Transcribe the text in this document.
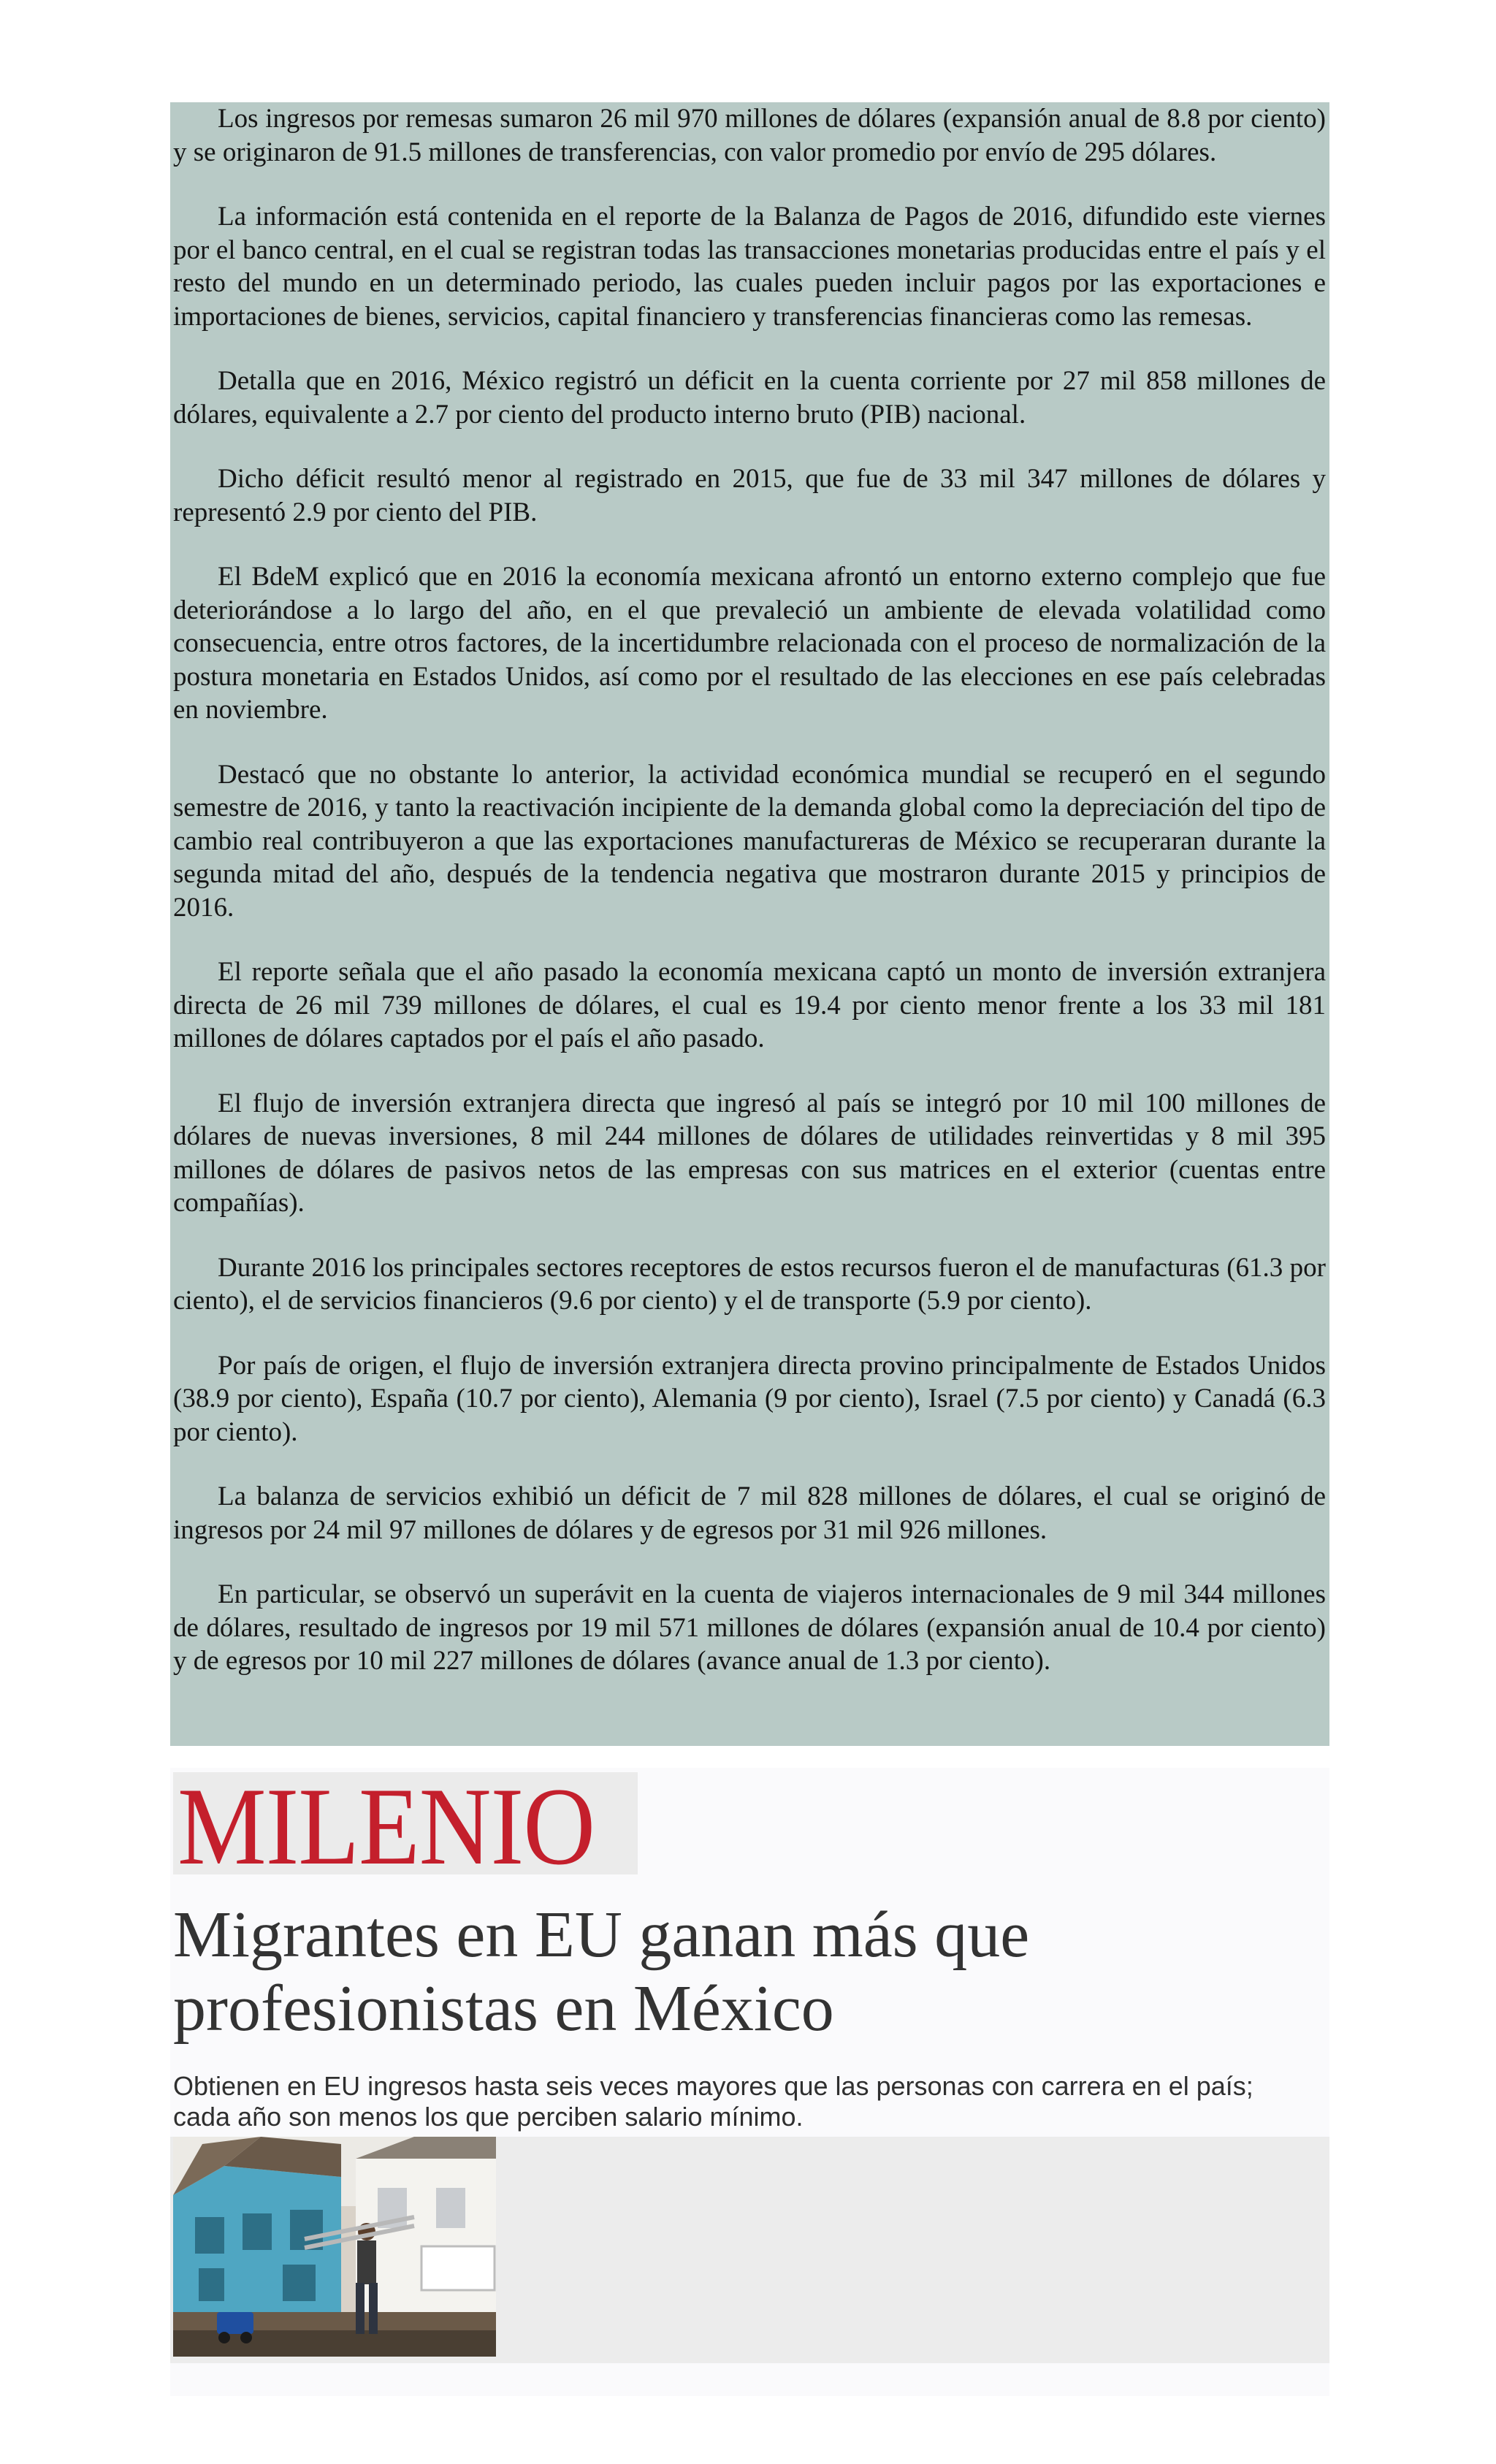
Los ingresos por remesas sumaron 26 mil 970 millones de dólares (expansión anual de 8.8 por ciento) y se originaron de 91.5 millones de transferencias, con valor promedio por envío de 295 dólares.

La información está contenida en el reporte de la Balanza de Pagos de 2016, difundido este viernes por el banco central, en el cual se registran todas las transacciones monetarias producidas entre el país y el resto del mundo en un determinado periodo, las cuales pueden incluir pagos por las exportaciones e importaciones de bienes, servicios, capital financiero y transferencias financieras como las remesas.

Detalla que en 2016, México registró un déficit en la cuenta corriente por 27 mil 858 millones de dólares, equivalente a 2.7 por ciento del producto interno bruto (PIB) nacional.

Dicho déficit resultó menor al registrado en 2015, que fue de 33 mil 347 millones de dólares y representó 2.9 por ciento del PIB.

El BdeM explicó que en 2016 la economía mexicana afrontó un entorno externo complejo que fue deteriorándose a lo largo del año, en el que prevaleció un ambiente de elevada volatilidad como consecuencia, entre otros factores, de la incertidumbre relacionada con el proceso de normalización de la postura monetaria en Estados Unidos, así como por el resultado de las elecciones en ese país celebradas en noviembre.

Destacó que no obstante lo anterior, la actividad económica mundial se recuperó en el segundo semestre de 2016, y tanto la reactivación incipiente de la demanda global como la depreciación del tipo de cambio real contribuyeron a que las exportaciones manufactureras de México se recuperaran durante la segunda mitad del año, después de la tendencia negativa que mostraron durante 2015 y principios de 2016.

El reporte señala que el año pasado la economía mexicana captó un monto de inversión extranjera directa de 26 mil 739 millones de dólares, el cual es 19.4 por ciento menor frente a los 33 mil 181 millones de dólares captados por el país el año pasado.

El flujo de inversión extranjera directa que ingresó al país se integró por 10 mil 100 millones de dólares de nuevas inversiones, 8 mil 244 millones de dólares de utilidades reinvertidas y 8 mil 395 millones de dólares de pasivos netos de las empresas con sus matrices en el exterior (cuentas entre compañías).

Durante 2016 los principales sectores receptores de estos recursos fueron el de manufacturas (61.3 por ciento), el de servicios financieros (9.6 por ciento) y el de transporte (5.9 por ciento).

Por país de origen, el flujo de inversión extranjera directa provino principalmente de Estados Unidos (38.9 por ciento), España (10.7 por ciento), Alemania (9 por ciento), Israel (7.5 por ciento) y Canadá (6.3 por ciento).

La balanza de servicios exhibió un déficit de 7 mil 828 millones de dólares, el cual se originó de ingresos por 24 mil 97 millones de dólares y de egresos por 31 mil 926 millones.

En particular, se observó un superávit en la cuenta de viajeros internacionales de 9 mil 344 millones de dólares, resultado de ingresos por 19 mil 571 millones de dólares (expansión anual de 10.4 por ciento) y de egresos por 10 mil 227 millones de dólares (avance anual de 1.3 por ciento).

MILENIO
Migrantes en EU ganan más que profesionistas en México

Obtienen en EU ingresos hasta seis veces mayores que las personas con carrera en el país; cada año son menos los que perciben salario mínimo.
